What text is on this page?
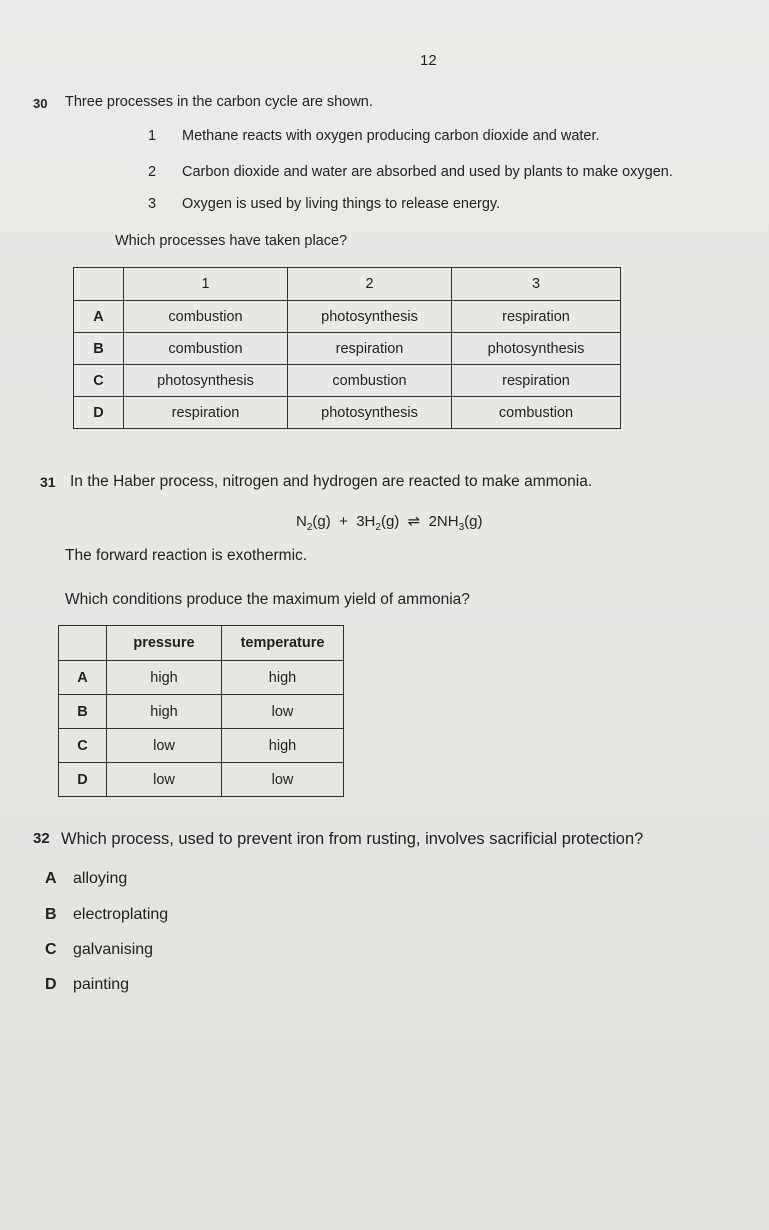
12
30 Three processes in the carbon cycle are shown.
1 Methane reacts with oxygen producing carbon dioxide and water.
2 Carbon dioxide and water are absorbed and used by plants to make oxygen.
3 Oxygen is used by living things to release energy.
Which processes have taken place?
	1	2	3
A	combustion	photosynthesis	respiration
B	combustion	respiration	photosynthesis
C	photosynthesis	combustion	respiration
D	respiration	photosynthesis	combustion
31 In the Haber process, nitrogen and hydrogen are reacted to make ammonia.
$N_2(g) + 3H_2(g)$ ⇌ $2NH_3(g)$
The forward reaction is exothermic.
Which conditions produce the maximum yield of ammonia?
	pressure	temperature
A	high	high
B	high	low
C	low	high
D	low	low
32 Which process, used to prevent iron from rusting, involves sacrificial protection?
A alloying
B electroplating
C galvanising
D painting
